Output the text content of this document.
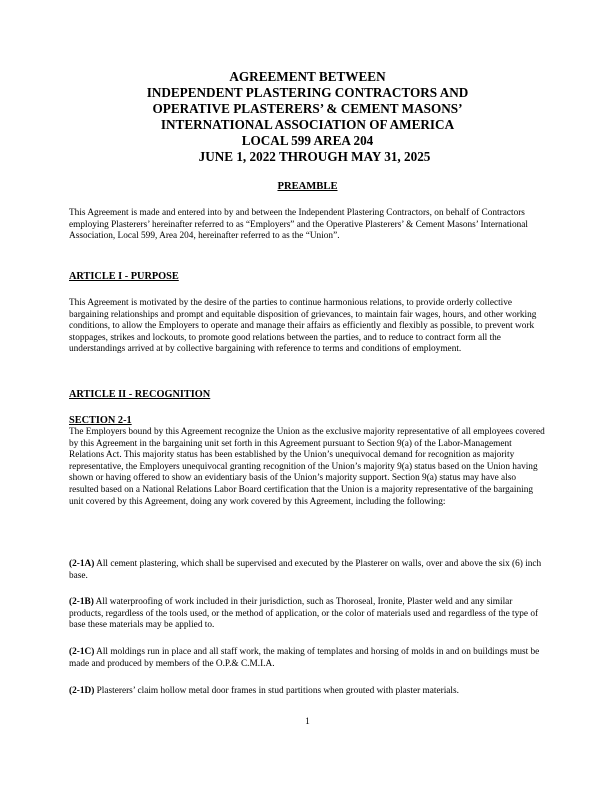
AGREEMENT BETWEEN
INDEPENDENT PLASTERING CONTRACTORS AND
OPERATIVE PLASTERERS’ & CEMENT MASONS’
INTERNATIONAL ASSOCIATION OF AMERICA
LOCAL 599 AREA 204
JUNE 1, 2022 THROUGH MAY 31, 2025
PREAMBLE
This Agreement is made and entered into by and between the Independent Plastering Contractors, on behalf of Contractors employing Plasterers’ hereinafter referred to as “Employers” and the Operative Plasterers’ & Cement Masons’ International Association, Local 599, Area 204, hereinafter referred to as the “Union”.
ARTICLE I - PURPOSE
This Agreement is motivated by the desire of the parties to continue harmonious relations, to provide orderly collective bargaining relationships and prompt and equitable disposition of grievances, to maintain fair wages, hours, and other working conditions, to allow the Employers to operate and manage their affairs as efficiently and flexibly as possible, to prevent work stoppages, strikes and lockouts, to promote good relations between the parties, and to reduce to contract form all the understandings arrived at by collective bargaining with reference to terms and conditions of employment.
ARTICLE II - RECOGNITION
SECTION 2-1
The Employers bound by this Agreement recognize the Union as the exclusive majority representative of all employees covered by this Agreement in the bargaining unit set forth in this Agreement pursuant to Section 9(a) of the Labor-Management Relations Act. This majority status has been established by the Union’s unequivocal demand for recognition as majority representative, the Employers unequivocal granting recognition of the Union’s majority 9(a) status based on the Union having shown or having offered to show an evidentiary basis of the Union’s majority support. Section 9(a) status may have also resulted based on a National Relations Labor Board certification that the Union is a majority representative of the bargaining unit covered by this Agreement, doing any work covered by this Agreement, including the following:
(2-1A) All cement plastering, which shall be supervised and executed by the Plasterer on walls, over and above the six (6) inch base.
(2-1B) All waterproofing of work included in their jurisdiction, such as Thoroseal, Ironite, Plaster weld and any similar products, regardless of the tools used, or the method of application, or the color of materials used and regardless of the type of base these materials may be applied to.
(2-1C) All moldings run in place and all staff work, the making of templates and horsing of molds in and on buildings must be made and produced by members of the O.P.& C.M.I.A.
(2-1D) Plasterers’ claim hollow metal door frames in stud partitions when grouted with plaster materials.
1
